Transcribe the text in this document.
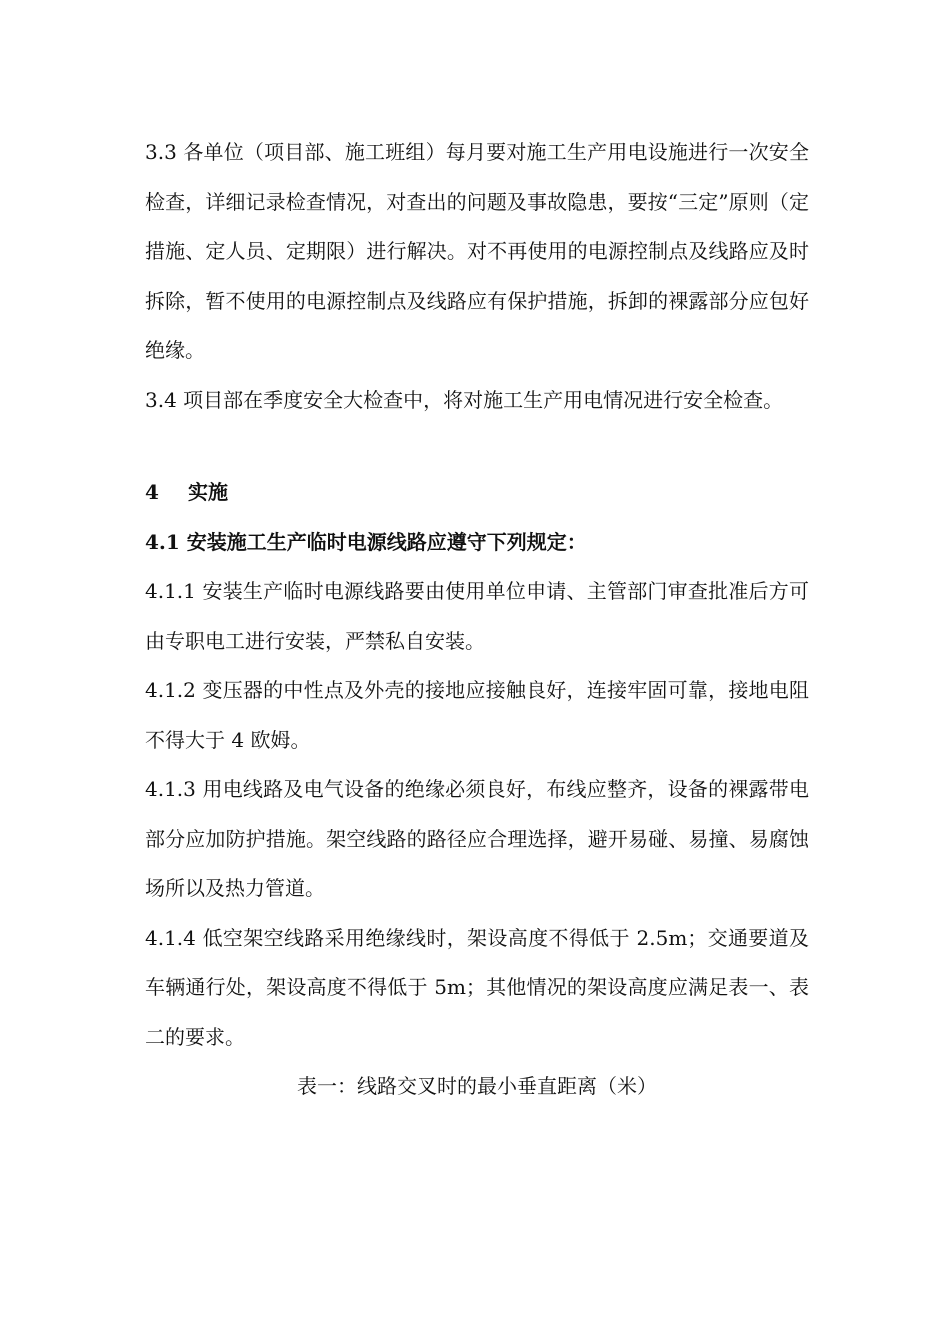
3.3 各单位（项目部、施工班组）每月要对施工生产用电设施进行一次安全检查，详细记录检查情况，对查出的问题及事故隐患，要按“三定”原则（定措施、定人员、定期限）进行解决。对不再使用的电源控制点及线路应及时拆除，暂不使用的电源控制点及线路应有保护措施，拆卸的裸露部分应包好绝缘。

3.4 项目部在季度安全大检查中，将对施工生产用电情况进行安全检查。

4 实施

4.1 安装施工生产临时电源线路应遵守下列规定：

4.1.1 安装生产临时电源线路要由使用单位申请、主管部门审查批准后方可由专职电工进行安装，严禁私自安装。

4.1.2 变压器的中性点及外壳的接地应接触良好，连接牢固可靠，接地电阻不得大于 4 欧姆。

4.1.3 用电线路及电气设备的绝缘必须良好，布线应整齐，设备的裸露带电部分应加防护措施。架空线路的路径应合理选择，避开易碰、易撞、易腐蚀场所以及热力管道。

4.1.4 低空架空线路采用绝缘线时，架设高度不得低于 2.5m；交通要道及车辆通行处，架设高度不得低于 5m；其他情况的架设高度应满足表一、表二的要求。

表一：线路交叉时的最小垂直距离（米）
